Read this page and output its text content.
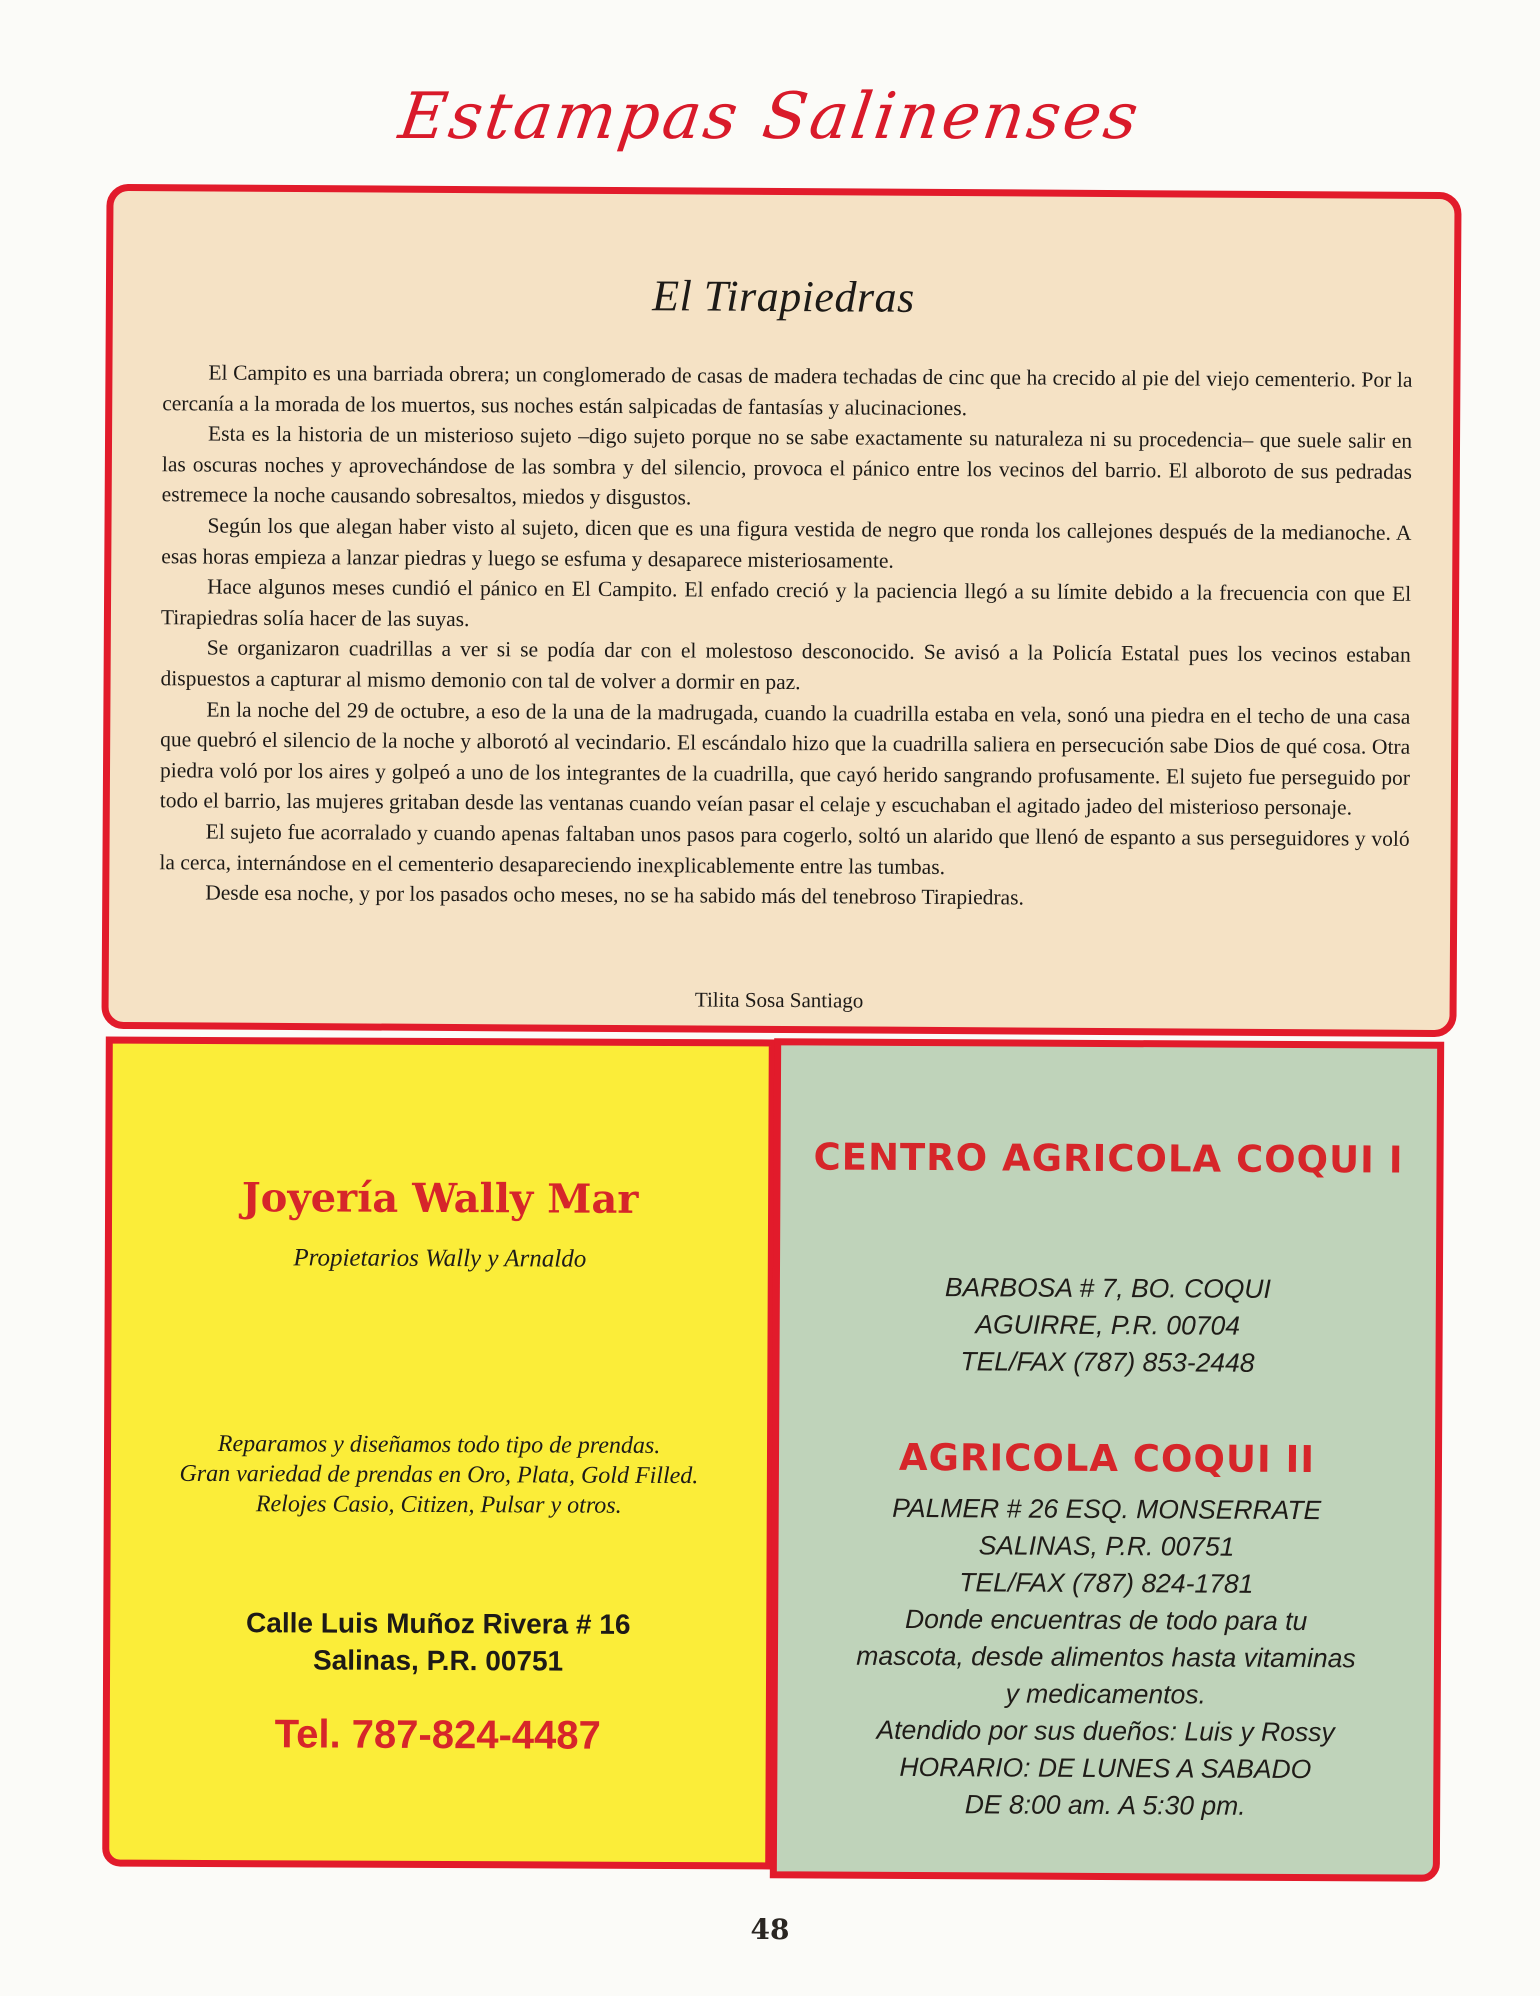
Estampas Salinenses
El Tirapiedras

El Campito es una barriada obrera; un conglomerado de casas de madera techadas de cinc que ha crecido al pie del viejo cementerio. Por la cercanía a la morada de los muertos, sus noches están salpicadas de fantasías y alucinaciones.

Esta es la historia de un misterioso sujeto –digo sujeto porque no se sabe exactamente su naturaleza ni su procedencia– que suele salir en las oscuras noches y aprovechándose de las sombra y del silencio, provoca el pánico entre los vecinos del barrio. El alboroto de sus pedradas estremece la noche causando sobresaltos, miedos y disgustos.

Según los que alegan haber visto al sujeto, dicen que es una figura vestida de negro que ronda los callejones después de la medianoche. A esas horas empieza a lanzar piedras y luego se esfuma y desaparece misteriosamente.

Hace algunos meses cundió el pánico en El Campito. El enfado creció y la paciencia llegó a su límite debido a la frecuencia con que El Tirapiedras solía hacer de las suyas.

Se organizaron cuadrillas a ver si se podía dar con el molestoso desconocido. Se avisó a la Policía Estatal pues los vecinos estaban dispuestos a capturar al mismo demonio con tal de volver a dormir en paz.

En la noche del 29 de octubre, a eso de la una de la madrugada, cuando la cuadrilla estaba en vela, sonó una piedra en el techo de una casa que quebró el silencio de la noche y alborotó al vecindario. El escándalo hizo que la cuadrilla saliera en persecución sabe Dios de qué cosa. Otra piedra voló por los aires y golpeó a uno de los integrantes de la cuadrilla, que cayó herido sangrando profusamente. El sujeto fue perseguido por todo el barrio, las mujeres gritaban desde las ventanas cuando veían pasar el celaje y escuchaban el agitado jadeo del misterioso personaje.

El sujeto fue acorralado y cuando apenas faltaban unos pasos para cogerlo, soltó un alarido que llenó de espanto a sus perseguidores y voló la cerca, internándose en el cementerio desapareciendo inexplicablemente entre las tumbas.

Desde esa noche, y por los pasados ocho meses, no se ha sabido más del tenebroso Tirapiedras.

Tilita Sosa Santiago
Joyería Wally Mar
Propietarios Wally y Arnaldo
Reparamos y diseñamos todo tipo de prendas.
Gran variedad de prendas en Oro, Plata, Gold Filled.
Relojes Casio, Citizen, Pulsar y otros.
Calle Luis Muñoz Rivera # 16
Salinas, P.R. 00751
Tel. 787-824-4487
CENTRO AGRICOLA COQUI I
BARBOSA # 7, BO. COQUI
AGUIRRE, P.R. 00704
TEL/FAX (787) 853-2448
AGRICOLA COQUI II
PALMER # 26 ESQ. MONSERRATE
SALINAS, P.R. 00751
TEL/FAX (787) 824-1781
Donde encuentras de todo para tu
mascota, desde alimentos hasta vitaminas
y medicamentos.
Atendido por sus dueños: Luis y Rossy
HORARIO: DE LUNES A SABADO
DE 8:00 am. A 5:30 pm.
48
